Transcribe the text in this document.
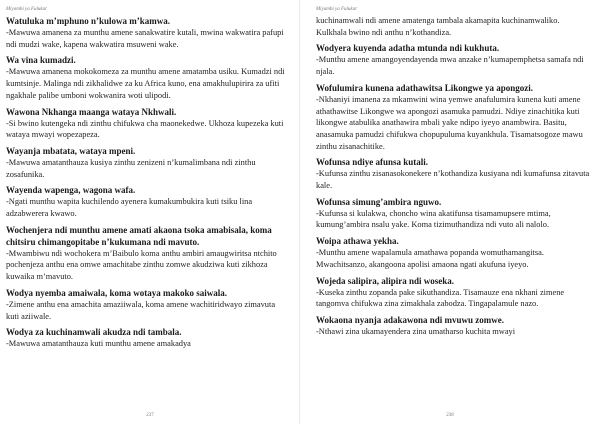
Miyambi ya Fulukar

Watuluka m’mphuno n’kulowa m’kamwa.

-Mawuwa amanena za munthu amene sanakwatire kutali, mwina wakwatira pafupi ndi mudzi wake, kapena wakwatira msuweni wake.

Wa vina kumadzi.

-Mawuwa amanena mokokomeza za munthu amene amatamba usiku. Kumadzi ndi kumtsinje. Malinga ndi zikhalidwe za ku Africa kuno, ena amakhulupirira za ufiti ngakhale palibe umboni wokwanira woti ulipodi.

Wawona Nkhanga maanga wataya Nkhwali.

-Si bwino kutengeka ndi zinthu chifukwa cha maonekedwe. Ukhoza kupezeka kuti wataya mwayi wopezapeza.

Wayanja mbatata, wataya mpeni.

-Mawuwa amatanthauza kusiya zinthu zenizeni n’kumalimbana ndi zinthu zosafunika.

Wayenda wapenga, wagona wafa.

-Ngati munthu wapita kuchilendo ayenera kumakumbukira kuti tsiku lina adzabwerera kwawo.

Wochenjera ndi munthu amene amati akaona tsoka amabisala, koma chitsiru chimangopitabe n’kukumana ndi mavuto.

-Mwambiwu ndi wochokera m’Baibulo koma anthu ambiri amaugwiritsa ntchito pochenjeza anthu ena omwe amachitabe zinthu zomwe akudziwa kuti zikhoza kuwaika m’mavuto.

Wodya nyemba amaiwala, koma wotaya makoko saiwala.

-Zimene anthu ena amachita amaziiwala, koma amene wachitiridwayo zimavuta kuti aziiwale.

Wodya za kuchinamwali akudza ndi tambala.

-Mawuwa amatanthauza kuti munthu amene amakadya

237
Miyambi ya Fulukar

kuchinamwali ndi amene amatenga tambala akamapita kuchinamwaliko. Kulkhala bwino ndi anthu n’kothandiza.

Wodyera kuyenda adatha mtunda ndi kukhuta.

-Munthu amene amangoyendayenda mwa anzake n’kumapemphetsa samafa ndi njala.

Wofulumira kunena adathawitsa Likongwe ya apongozi.

-Nkhaniyi imanena za mkamwini wina yemwe anafulumira kunena kuti amene athathawitse Likongwe wa apongozi asamuka pamudzi. Ndiye zinachitika kuti likongwe atabulika anathawira mbali yake ndipo iyeyo anambwira. Basitu, anasamuka pamudzi chifukwa chopupuluma kuyankhula. Tisamatsogoze mawu zinthu zisanachitike.

Wofunsa ndiye afunsa kutali.

-Kufunsa zinthu zisanasokonekere n’kothandiza kusiyana ndi kumafunsa zitavuta kale.

Wofunsa simung’ambira nguwo.

-Kufunsa si kulakwa, choncho wina akatifunsa tisamamupsere mtima, kumung’ambira nsalu yake. Koma tizimuthandiza ndi vuto ali nalolo.

Woipa athawa yekha.

-Munthu amene wapalamula amathawa popanda womuthamangitsa. Mwachitsanzo, akangoona apolisi amaona ngati akufuna iyeyo.

Wojeda salipira, alipira ndi woseka.

-Kuseka zinthu zopanda pake sikuthandiza. Tisamauze ena nkhani zimene tangomva chifukwa zina zimakhala zabodza. Tingapalamule nazo.

Wokaona nyanja adakawona ndi mvuwu zomwe.

-Nthawi zina ukamayendera zina umatharso kuchita mwayi

238
